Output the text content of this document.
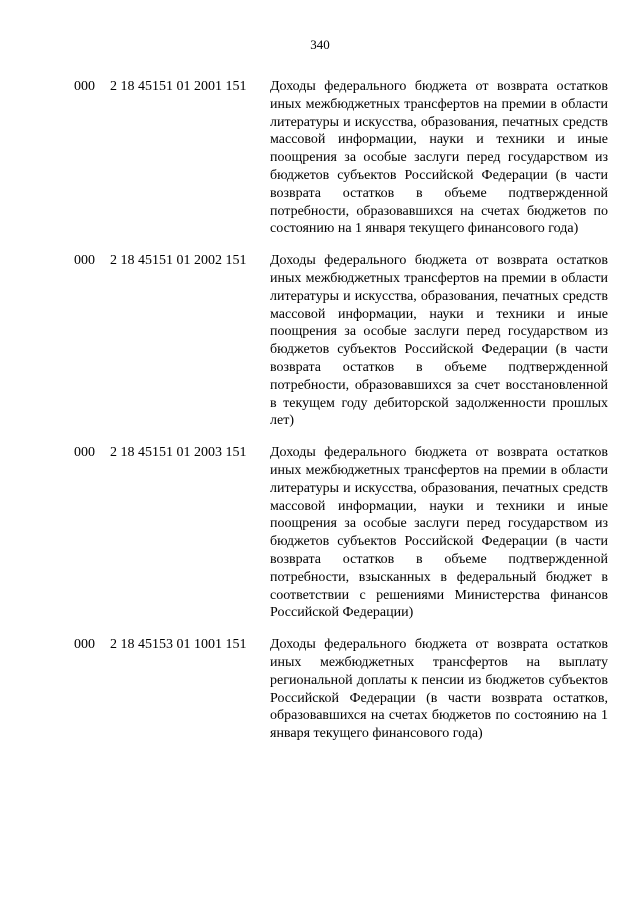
340
000	2 18 45151 01 2001 151	Доходы федерального бюджета от возврата остатков иных межбюджетных трансфертов на премии в области литературы и искусства, образования, печатных средств массовой информации, науки и техники и иные поощрения за особые заслуги перед государством из бюджетов субъектов Российской Федерации (в части возврата остатков в объеме подтвержденной потребности, образовавшихся на счетах бюджетов по состоянию на 1 января текущего финансового года)
000	2 18 45151 01 2002 151	Доходы федерального бюджета от возврата остатков иных межбюджетных трансфертов на премии в области литературы и искусства, образования, печатных средств массовой информации, науки и техники и иные поощрения за особые заслуги перед государством из бюджетов субъектов Российской Федерации (в части возврата остатков в объеме подтвержденной потребности, образовавшихся за счет восстановленной в текущем году дебиторской задолженности прошлых лет)
000	2 18 45151 01 2003 151	Доходы федерального бюджета от возврата остатков иных межбюджетных трансфертов на премии в области литературы и искусства, образования, печатных средств массовой информации, науки и техники и иные поощрения за особые заслуги перед государством из бюджетов субъектов Российской Федерации (в части возврата остатков в объеме подтвержденной потребности, взысканных в федеральный бюджет в соответствии с решениями Министерства финансов Российской Федерации)
000	2 18 45153 01 1001 151	Доходы федерального бюджета от возврата остатков иных межбюджетных трансфертов на выплату региональной доплаты к пенсии из бюджетов субъектов Российской Федерации (в части возврата остатков, образовавшихся на счетах бюджетов по состоянию на 1 января текущего финансового года)
